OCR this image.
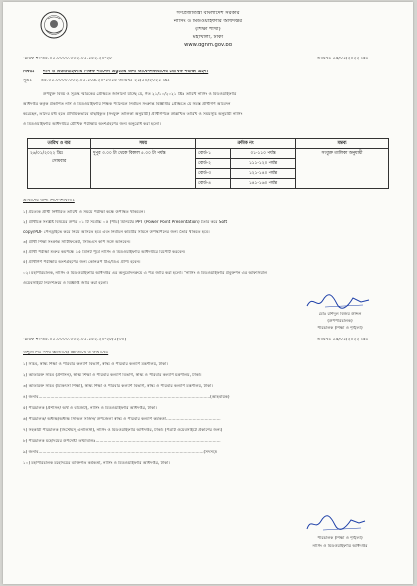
গণপ্রজাতন্ত্রী বাংলাদেশ সরকার
নার্সিং ও মিডওয়াইফারি অধিদপ্তর
(শিক্ষা শাখা)
মহাখালী, ঢাকা
www.dgnm.gov.bd
স্মারক নং-৪৫.০১.০০০০.০০২.০১.১৫২.২০-২৮	তারিখঃ ১৯/০১/২০২২ খ্রিঃ
বিষয়ঃ	নার্স ও মিডওয়াইফারি শিক্ষক প্যানেল প্রস্তুতের জন্য আবেদনকারীদের মৌখিক পরীক্ষা গ্রহণ।
সূত্রঃ	৪৫.০১.০০০০.০০২.০১.১০৯.২০-১৩১৫ তারিখঃ ২১/১০/২০২১ খ্রিঃ
উপর্যুক্ত বিষয় ও সূত্রস্থ স্মারকের প্রেক্ষিতে জানানো যাচ্ছে যে, গত ২১/১০/২০২১ খ্রিঃ তারিখ নার্সিং ও মিডওয়াইফারি
অধিদপ্তর কর্তৃক প্রকাশিত নার্স ও মিডওয়াইফারি শিক্ষক প্যানেলে নির্বাচন সংক্রান্ত বিজ্ঞপ্তির প্রেক্ষিতে যে সমস্ত প্রার্থীগণ আবেদন
করেছেন, তাদের মধ্য হতে প্রাথমিকভাবে বাছাইকৃত (সংযুক্ত তালিকা অনুযায়ী) প্রার্থীগণকে উল্লিখিত তারিখ ও সময়সূচি অনুযায়ী নার্সিং
ও মিডওয়াইফারি অধিদপ্তরে মৌখিক পরীক্ষায় অংশগ্রহণের জন্য অনুরোধ করা হলো।
তারিখ ও বার	সময়	ক্রমিক নং		মন্তব্য

২৬/০১/২০২২ খ্রিঃ
সোমবার	দুপুর ৩.০০ টা থেকে বিকাল ৫.০০ টা পর্যন্ত	বোর্ড-১	০১-১১০ পর্যন্ত	সংযুক্ত তালিকা অনুযায়ী
		বোর্ড-২	১১১-১২০ পর্যন্ত	
		বোর্ড-৩	১২১-১৪০ পর্যন্ত	
		বোর্ড-৪	১৪১-১৬০ পর্যন্ত	
প্রার্থীদের জন্য নির্দেশনাবলীঃ
১) প্রত্যেক প্রার্থী নির্ধারিত তারিখ ও সময়ে পরীক্ষা কক্ষে উপস্থিত থাকবেন।
২) প্রার্থীকে সংশ্লিষ্ট বিষয়ের উপর ০১ টি সর্বোচ্চ ০৫ (পাঁচ) মিনিটের PPT (Power Point Presentation) তৈরি করে Soft
copy/PDF পেনড্রাইভে করে নিয়ে আসতে হবে এবং নির্বাচন কমিটির সামনে উপস্থাপনের জন্য তৈরি থাকতে হবে।
৩) প্রার্থী শিক্ষা সংক্রান্ত সার্টিফিকেট, সিভিএস কপি সঙ্গে আনবেন।
৪) প্রার্থী পরীক্ষা শুরুর কমপক্ষে ১৫ মিনিট পূর্বে নার্সিং ও মিডওয়াইফারি অধিদপ্তরে রিপোর্ট করবেন।
৫) প্রার্থীগণ পরীক্ষায় অংশগ্রহণের জন্য কোনরূপ টিএ/ডিএ প্রাপ্য হবেন।
০২। মহাপরিচালক, নার্সিং ও মিডওয়াইফারি অধিদপ্তর এর অনুমোদনক্রমে এ পত্র জারি করা হলো। "নার্সিং ও মিডওয়াইফারি প্রবুক্তণন এর অফিসিয়াল
ওয়েবসাইটে নির্দেশক্রমে ও বিজ্ঞপ্তি জারি করা হলো।
মোঃ রশিদুল বিজয় উদ্দিন
(উপপরিচালক)
পরিচালক (শিক্ষা ও শৃঙ্খলা)
স্মারক নং-৪৫.০১.০০০০.০০২.০১.১৫২.২০-২৮/১(৩০)	তারিখঃ ১৯/০১/২০২২ খ্রিঃ
অনুলিপিঃ সদয় জ্ঞাতার্থে/ জ্ঞাতার্থে ও কার্যার্থেঃ
১) সচিব, স্বাস্থ্য শিক্ষা ও পরিবার কল্যাণ বিভাগ, স্বাস্থ্য ও পরিবার কল্যাণ মন্ত্রণালয়, ঢাকা।
২) অতিরিক্ত সচিব (প্রশাসন), স্বাস্থ্য শিক্ষা ও পরিবার কল্যাণ বিভাগ, স্বাস্থ্য ও পরিবার কল্যাণ মন্ত্রণালয়, ঢাকা।
৩) অতিরিক্ত সচিব (চিকিৎসা শিক্ষা), স্বাস্থ্য শিক্ষা ও পরিবার কল্যাণ বিভাগ, স্বাস্থ্য ও পরিবার কল্যাণ মন্ত্রণালয়, ঢাকা।
৪) জনাব.................................................................................................................................(আহবায়ক)
৫) পরিচালক (প্রশাসন/ অর্থ ও বাজেট), নার্সিং ও মিডওয়াইফারি অধিদপ্তর, ঢাকা।
৬) পরিচালক/ অধ্যক্ষ/অধ্যক্ষ সিভিল সার্জন/ উপজেলা স্বাস্থ্য ও পরিবার কল্যাণ কর্মকর্তা.........................................
৭) সহকারী পরিচালক (সিস্টেমস্ এনালিস্ট), নার্সিং ও মিডওয়াইফারি অধিদপ্তর, ঢাকা। (পত্রটি ওয়েবসাইটে প্রকাশের জন্য)
৮) পরিচালক মহোদয়ের উপদেষ্টা তথ্যাবলিঃ..............................................................................................
৯) জনাব............................................................................................................................(সদস্য)।
১০) মহাপরিচালক মহোদয়ের ব্যক্তিগত কর্মকর্তা, নার্সিং ও মিডওয়াইফারি অধিদপ্তর, ঢাকা।
পরিচালক (শিক্ষা ও শৃঙ্খলা)
নার্সিং ও মিডওয়াইফারি অধিদপ্তর
